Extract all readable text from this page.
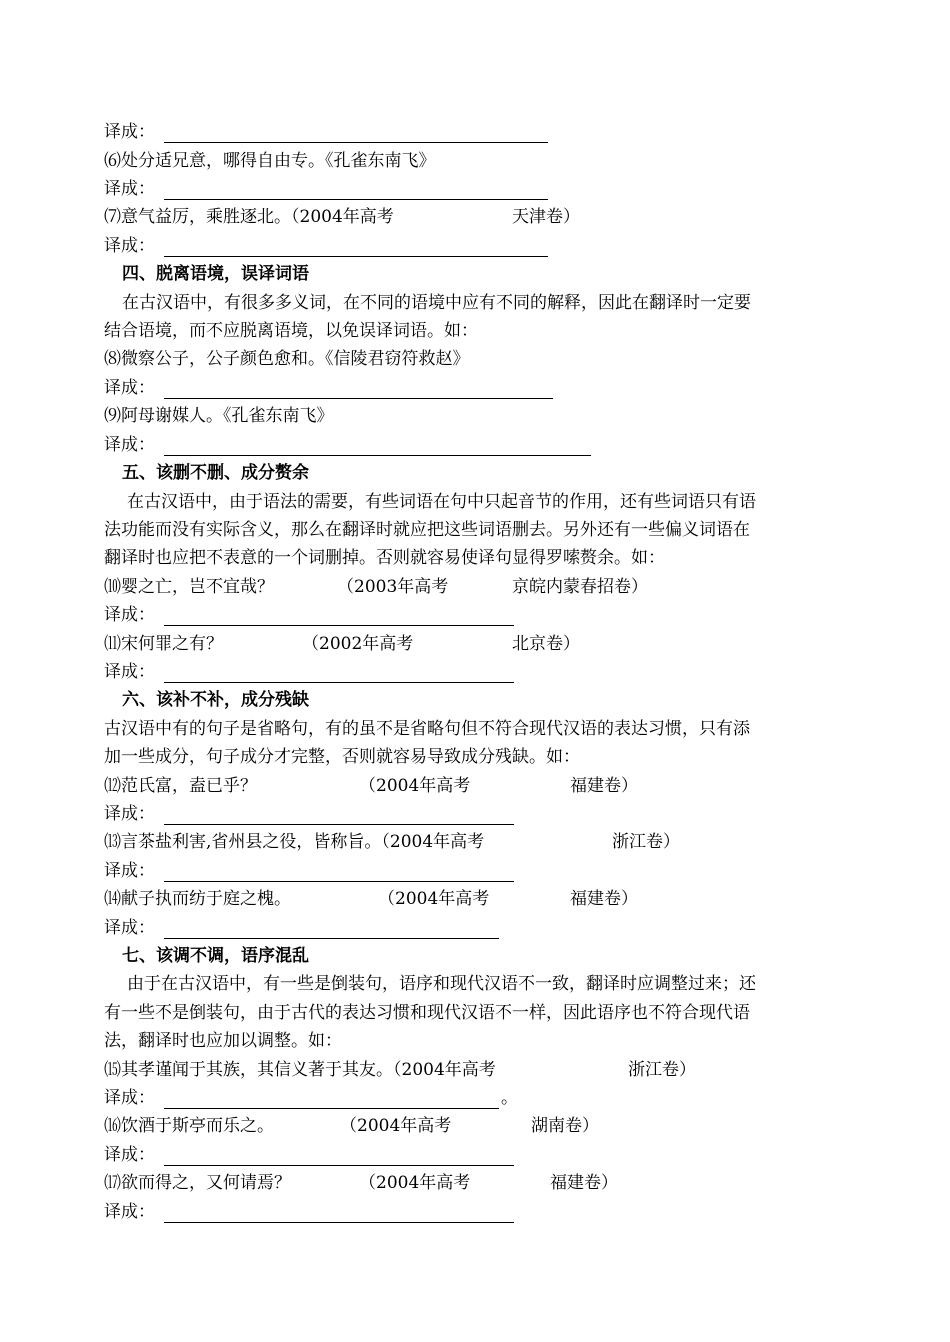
译成：
⑹处分适兄意，哪得自由专。《孔雀东南飞》
译成：
⑺意气益厉，乘胜逐北。（2004年高考	天津卷）
译成：
四、脱离语境，误译词语
在古汉语中，有很多多义词，在不同的语境中应有不同的解释，因此在翻译时一定要
结合语境，而不应脱离语境，以免误译词语。如：
⑻微察公子，公子颜色愈和。《信陵君窃符救赵》
译成：
⑼阿母谢媒人。《孔雀东南飞》
译成：
五、该删不删、成分赘余
在古汉语中，由于语法的需要，有些词语在句中只起音节的作用，还有些词语只有语
法功能而没有实际含义，那么在翻译时就应把这些词语删去。另外还有一些偏义词语在
翻译时也应把不表意的一个词删掉。否则就容易使译句显得罗嗦赘余。如：
⑽婴之亡，岂不宜哉？	（2003年高考	京皖内蒙春招卷）
译成：
⑾宋何罪之有？	（2002年高考	北京卷）
译成：
六、该补不补，成分残缺
古汉语中有的句子是省略句，有的虽不是省略句但不符合现代汉语的表达习惯，只有添
加一些成分，句子成分才完整，否则就容易导致成分残缺。如：
⑿范氏富，盍已乎？	（2004年高考	福建卷）
译成：
⒀言茶盐利害,省州县之役，皆称旨。（2004年高考	浙江卷）
译成：
⒁献子执而纺于庭之槐。	（2004年高考	福建卷）
译成：
七、该调不调，语序混乱
由于在古汉语中，有一些是倒装句，语序和现代汉语不一致，翻译时应调整过来；还
有一些不是倒装句，由于古代的表达习惯和现代汉语不一样，因此语序也不符合现代语
法，翻译时也应加以调整。如：
⒂其孝谨闻于其族，其信义著于其友。（2004年高考	浙江卷）
译成：	。
⒃饮酒于斯亭而乐之。	（2004年高考	湖南卷）
译成：
⒄欲而得之，又何请焉？	（2004年高考	福建卷）
译成：
